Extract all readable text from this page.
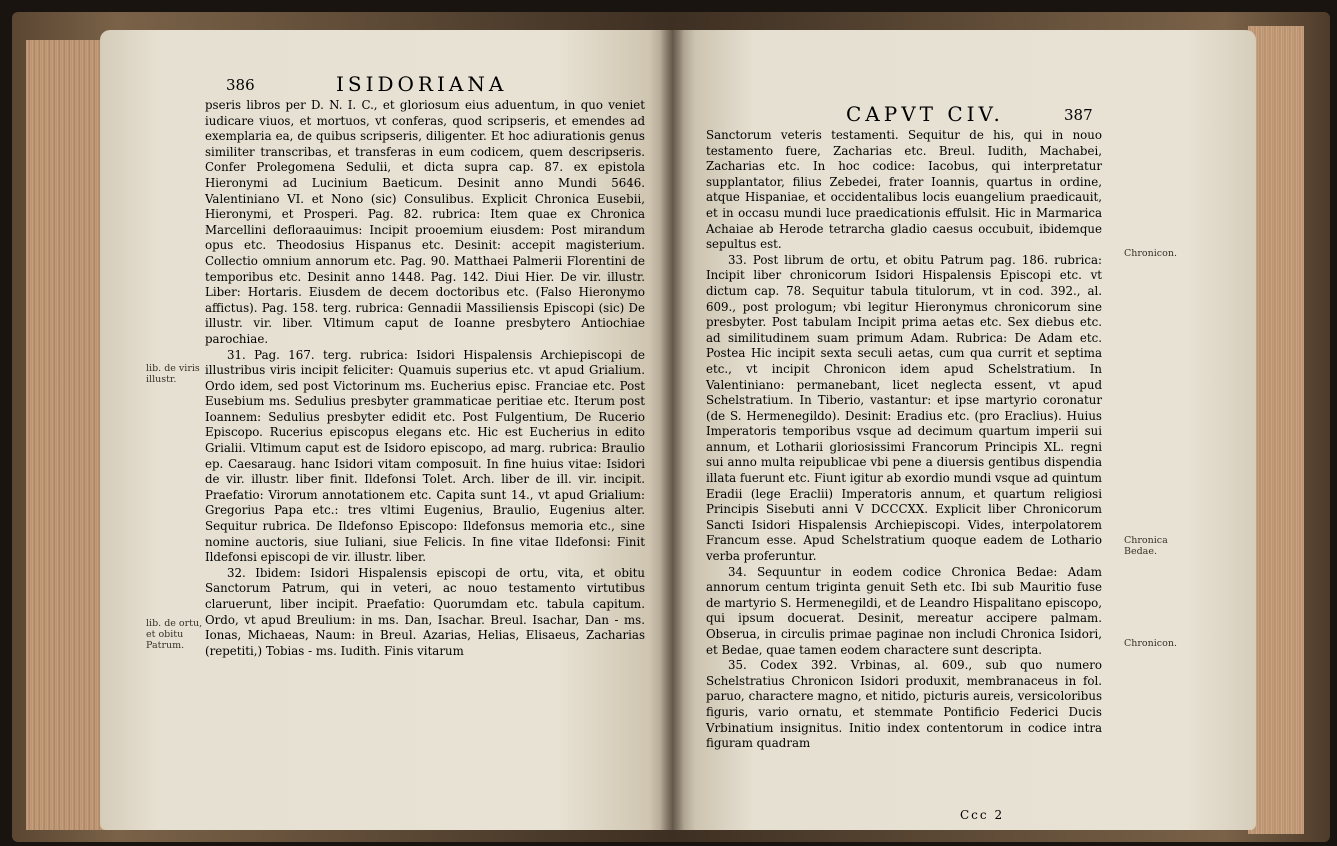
386	ISIDORIANA

pseris libros per D. N. I. C., et gloriosum eius aduentum, in quo veniet iudicare viuos, et mortuos, vt conferas, quod scripseris, et emendes ad exemplaria ea, de quibus scripseris, diligenter. Et hoc adiurationis genus similiter transcribas, et transferas in eum codicem, quem descripseris. Confer Prolegomena Sedulii, et dicta supra cap. 87. ex epistola Hieronymi ad Lucinium Baeticum. Desinit anno Mundi 5646. Valentiniano VI. et Nono (sic) Consulibus. Explicit Chronica Eusebii, Hieronymi, et Prosperi. Pag. 82. rubrica: Item quae ex Chronica Marcellini defloraauimus: Incipit prooemium eiusdem: Post mirandum opus etc. Theodosius Hispanus etc. Desinit: accepit magisterium. Collectio omnium annorum etc. Pag. 90. Matthaei Palmerii Florentini de temporibus etc. Desinit anno 1448. Pag. 142. Diui Hier. De vir. illustr. Liber: Hortaris. Eiusdem de decem doctoribus etc. (Falso Hieronymo affictus). Pag. 158. terg. rubrica: Gennadii Massiliensis Episcopi (sic) De illustr. vir. liber. Vltimum caput de Ioanne presbytero Antiochiae parochiae.

31. Pag. 167. terg. rubrica: Isidori Hispalensis Archiepiscopi de illustribus viris incipit feliciter: Quamuis superius etc. vt apud Grialium. Ordo idem, sed post Victorinum ms. Eucherius episc. Franciae etc. Post Eusebium ms. Sedulius presbyter grammaticae peritiae etc. Iterum post Ioannem: Sedulius presbyter edidit etc. Post Fulgentium, De Rucerio Episcopo. Rucerius episcopus elegans etc. Hic est Eucherius in edito Grialii. Vltimum caput est de Isidoro episcopo, ad marg. rubrica: Braulio ep. Caesaraug. hanc Isidori vitam composuit. In fine huius vitae: Isidori de vir. illustr. liber finit. Ildefonsi Tolet. Arch. liber de ill. vir. incipit. Praefatio: Virorum annotationem etc. Capita sunt 14., vt apud Grialium: Gregorius Papa etc.: tres vltimi Eugenius, Braulio, Eugenius alter. Sequitur rubrica. De Ildefonso Episcopo: Ildefonsus memoria etc., sine nomine auctoris, siue Iuliani, siue Felicis. In fine vitae Ildefonsi: Finit Ildefonsi episcopi de vir. illustr. liber.

32. Ibidem: Isidori Hispalensis episcopi de ortu, vita, et obitu Sanctorum Patrum, qui in veteri, ac nouo testamento virtutibus claruerunt, liber incipit. Praefatio: Quorumdam etc. tabula capitum. Ordo, vt apud Breulium: in ms. Dan, Isachar. Breul. Isachar, Dan - ms. Ionas, Michaeas, Naum: in Breul. Azarias, Helias, Elisaeus, Zacharias (repetiti,) Tobias - ms. Iudith. Finis vitarum

lib. de viris illustr.
lib. de ortu, et obitu Patrum.
CAPVT CIV.	387

Sanctorum veteris testamenti. Sequitur de his, qui in nouo testamento fuere, Zacharias etc. Breul. Iudith, Machabei, Zacharias etc. In hoc codice: Iacobus, qui interpretatur supplantator, filius Zebedei, frater Ioannis, quartus in ordine, atque Hispaniae, et occidentalibus locis euangelium praedicauit, et in occasu mundi luce praedicationis effulsit. Hic in Marmarica Achaiae ab Herode tetrarcha gladio caesus occubuit, ibidemque sepultus est.

33. Post librum de ortu, et obitu Patrum pag. 186. rubrica: Incipit liber chronicorum Isidori Hispalensis Episcopi etc. vt dictum cap. 78. Sequitur tabula titulorum, vt in cod. 392., al. 609., post prologum; vbi legitur Hieronymus chronicorum sine presbyter. Post tabulam Incipit prima aetas etc. Sex diebus etc. ad similitudinem suam primum Adam. Rubrica: De Adam etc. Postea Hic incipit sexta seculi aetas, cum qua currit et septima etc., vt incipit Chronicon idem apud Schelstratium. In Valentiniano: permanebant, licet neglecta essent, vt apud Schelstratium. In Tiberio, vastantur: et ipse martyrio coronatur (de S. Hermenegildo). Desinit: Eradius etc. (pro Eraclius). Huius Imperatoris temporibus vsque ad decimum quartum imperii sui annum, et Lotharii gloriosissimi Francorum Principis XL. regni sui anno multa reipublicae vbi pene a diuersis gentibus dispendia illata fuerunt etc. Fiunt igitur ab exordio mundi vsque ad quintum Eradii (lege Eraclii) Imperatoris annum, et quartum religiosi Principis Sisebuti anni V DCCCXX. Explicit liber Chronicorum Sancti Isidori Hispalensis Archiepiscopi. Vides, interpolatorem Francum esse. Apud Schelstratium quoque eadem de Lothario verba proferuntur.

34. Sequuntur in eodem codice Chronica Bedae: Adam annorum centum triginta genuit Seth etc. Ibi sub Mauritio fuse de martyrio S. Hermenegildi, et de Leandro Hispalitano episcopo, qui ipsum docuerat. Desinit, mereatur accipere palmam. Obserua, in circulis primae paginae non includi Chronica Isidori, et Bedae, quae tamen eodem charactere sunt descripta.

35. Codex 392. Vrbinas, al. 609., sub quo numero Schelstratius Chronicon Isidori produxit, membranaceus in fol. paruo, charactere magno, et nitido, picturis aureis, versicoloribus figuris, vario ornatu, et stemmate Pontificio Federici Ducis Vrbinatium insignitus. Initio index contentorum in codice intra figuram quadram

Chronicon.
Chronica Bedae.
Chronicon.
Ccc 2
